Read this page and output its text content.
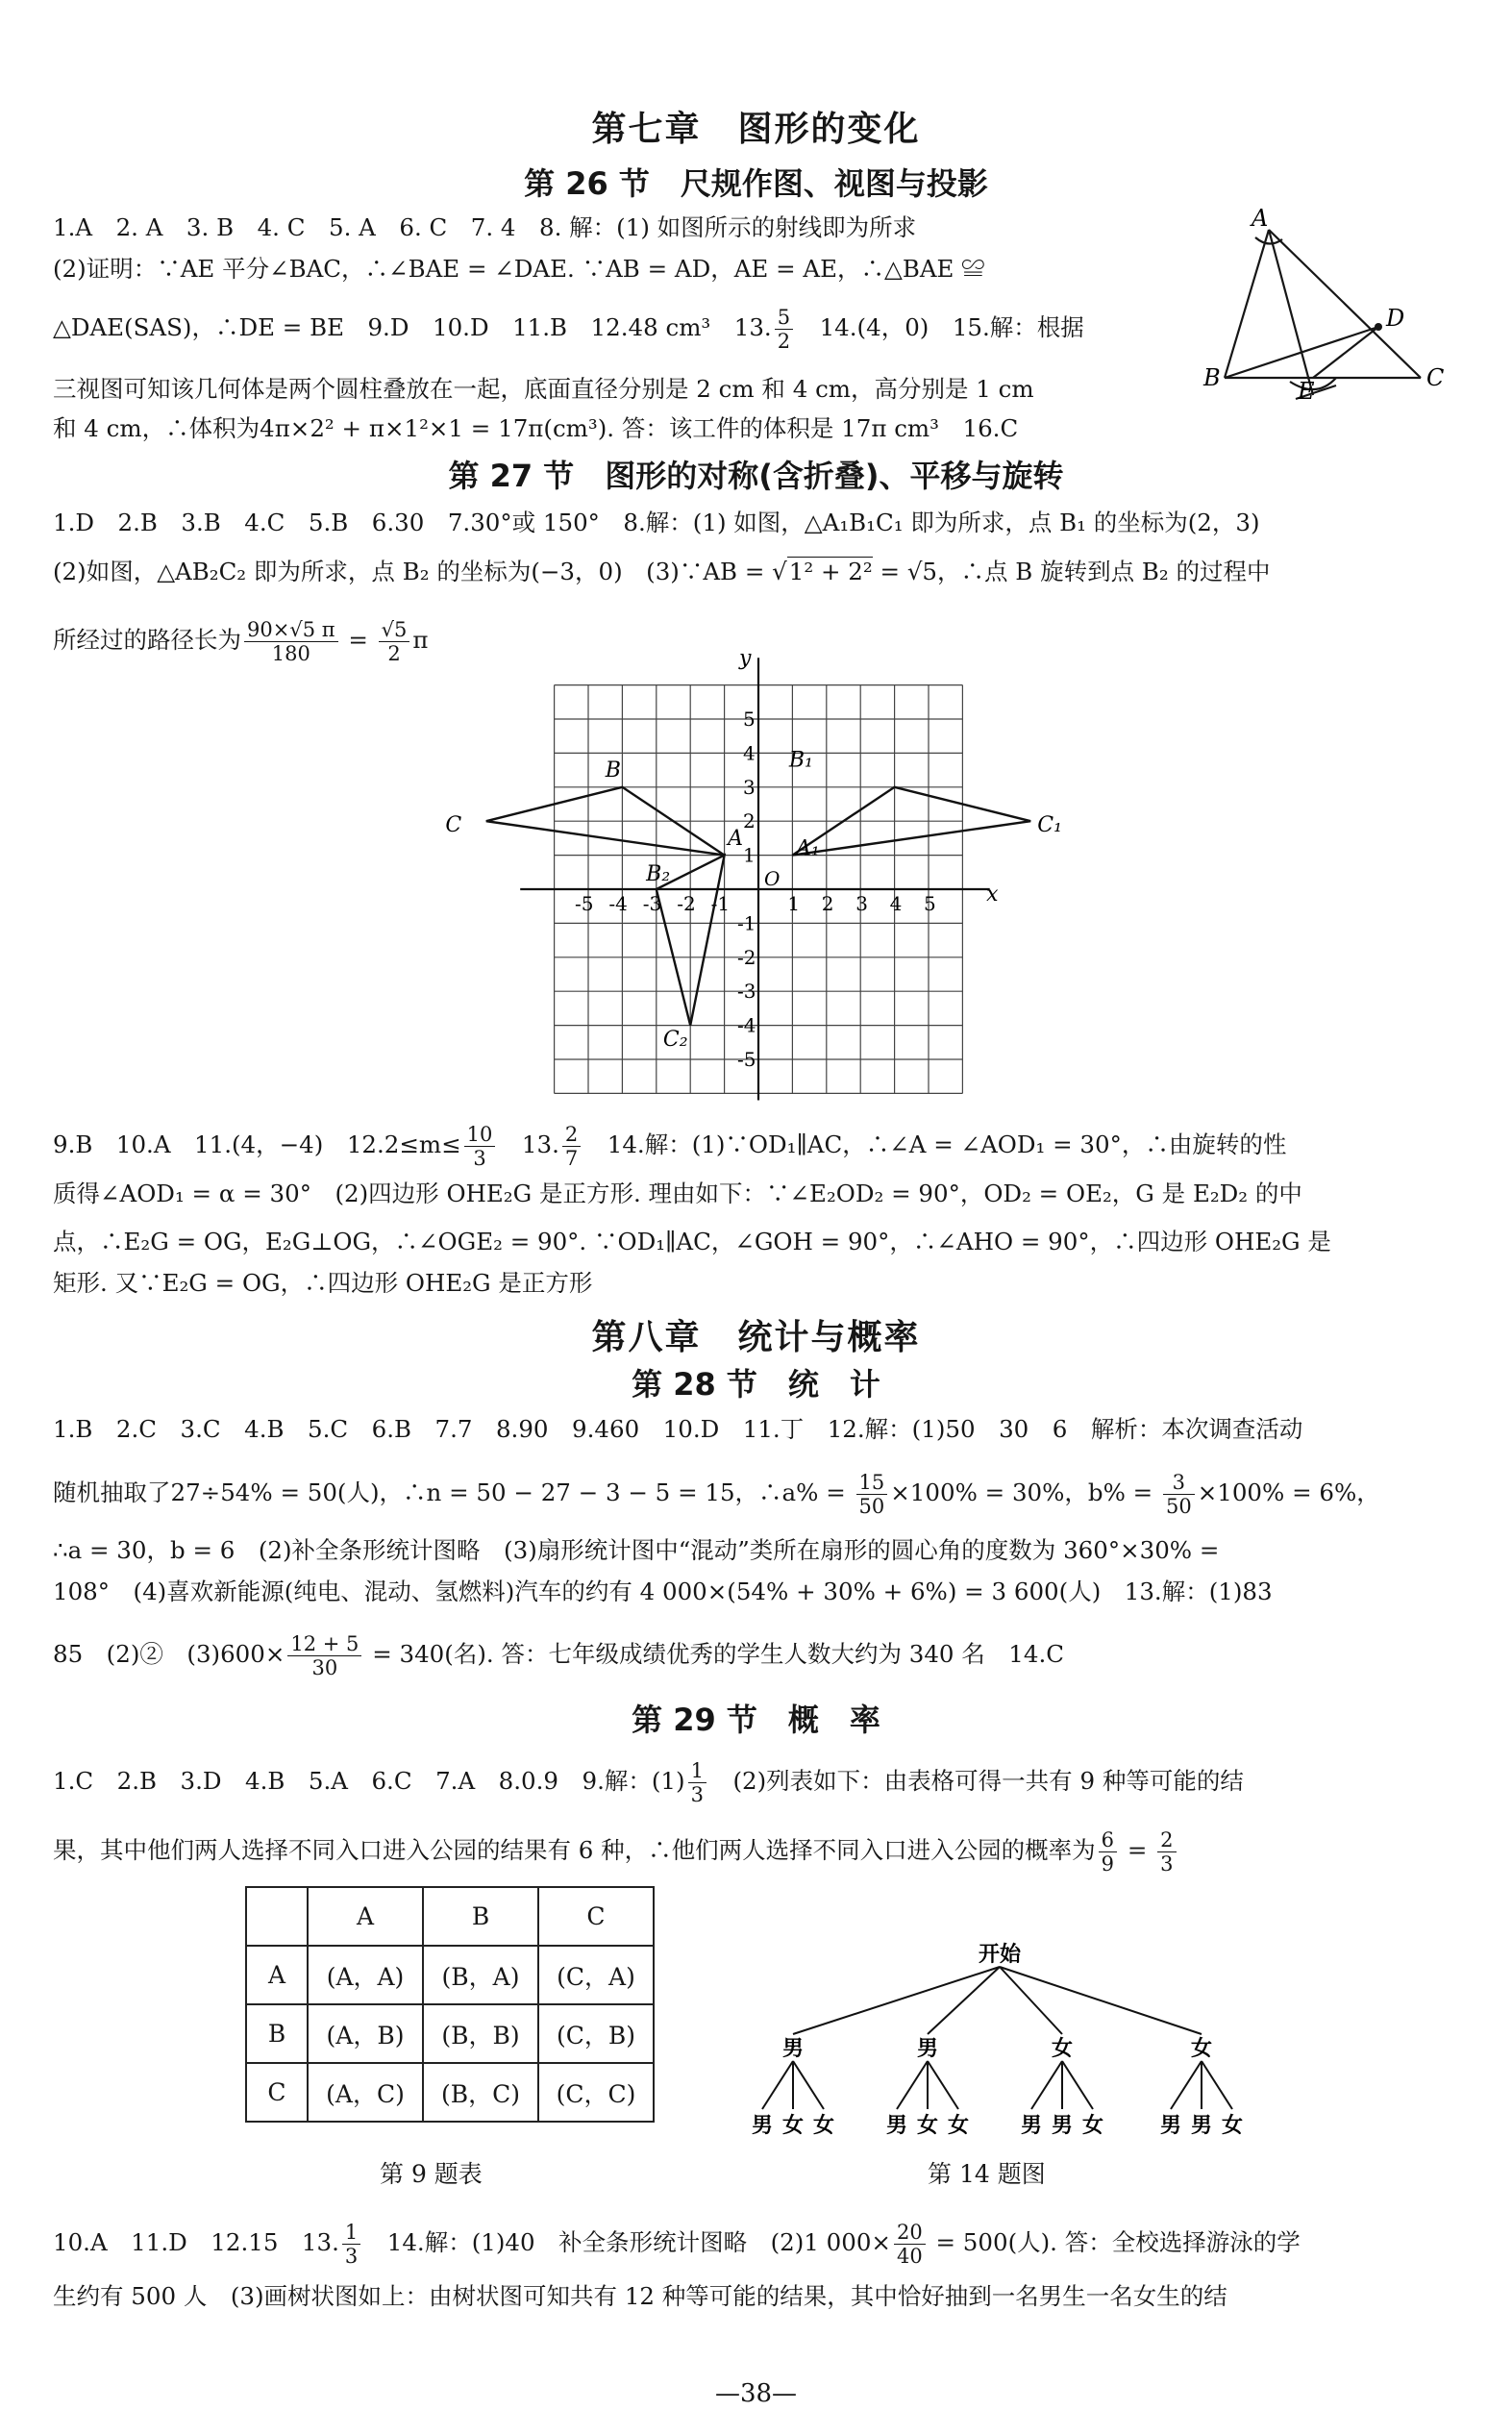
第七章　图形的变化
第 26 节　尺规作图、视图与投影
1.A　2. A　3. B　4. C　5. A　6. C　7. 4　8. 解：(1) 如图所示的射线即为所求
(2)证明：∵AE 平分∠BAC，∴∠BAE = ∠DAE. ∵AB = AD，AE = AE，∴△BAE ≌
△DAE(SAS)，∴DE = BE　9.D　10.D　11.B　12.48 cm³　13. $\frac{5}{2}$ 　14.(4，0)　15.解：根据
三视图可知该几何体是两个圆柱叠放在一起，底面直径分别是 2 cm 和 4 cm，高分别是 1 cm
和 4 cm，∴体积为4π×2² + π×1²×1 = 17π(cm³). 答：该工件的体积是 17π cm³　16.C
A
B	C
D
E
第 27 节　图形的对称(含折叠)、平移与旋转
1.D　2.B　3.B　4.C　5.B　6.30　7.30°或 150°　8.解：(1) 如图，△A₁B₁C₁ 即为所求，点 B₁ 的坐标为(2，3)
(2)如图，△AB₂C₂ 即为所求，点 B₂ 的坐标为(−3，0)　(3)∵AB = √1² + 2² = √5，∴点 B 旋转到点 B₂ 的过程中
所经过的路径长为 $\frac{90\times√5 \pi}{180} = \frac{√5}{2}$ π
x
y
O
-5 -4 -3 -2 -1	1 2 3 4 5
5
4
3
2
1
-1
-2
-3
-4
-5
A
B
C
A₁
B₁
C₁
B₂
C₂
9.B　10.A　11.(4，−4)　$12.2\le m\le \frac{10}{3}$ 　13. $\frac{2}{7}$ 　14.解：(1)∵OD₁∥AC，∴∠A = ∠AOD₁ = 30°，∴由旋转的性
质得∠AOD₁ = α = 30°　(2)四边形 OHE₂G 是正方形. 理由如下：∵∠E₂OD₂ = 90°，OD₂ = OE₂，G 是 E₂D₂ 的中
点，∴E₂G = OG，E₂G⊥OG，∴∠OGE₂ = 90°. ∵OD₁∥AC，∠GOH = 90°，∴∠AHO = 90°，∴四边形 OHE₂G 是
矩形. 又∵E₂G = OG，∴四边形 OHE₂G 是正方形
第八章　统计与概率
第 28 节　统　计
1.B　2.C　3.C　4.B　5.C　6.B　7.7　8.90　9.460　10.D　11.丁　12.解：(1)50　30　6　解析：本次调查活动
随机抽取了27÷54% = 50(人)，∴n = 50 − 27 − 3 − 5 = 15，∴a% = $\frac{15}{50} \times 100\% = 30\%$，$b\% = \frac{3}{50} \times 100\% = 6\%$，
∴a = 30，b = 6　(2)补全条形统计图略　(3)扇形统计图中“混动”类所在扇形的圆心角的度数为 360°×30% =
108°　(4)喜欢新能源(纯电、混动、氢燃料)汽车的约有 4 000×(54% + 30% + 6%) = 3 600(人)　13.解：(1)83
85　(2)②　$(3)600\times \frac{12 + 5}{30} = 340$(名). 答：七年级成绩优秀的学生人数大约为 340 名　14.C
第 29 节　概　率
1.C　2.B　3.D　4.B　5.A　6.C　7.A　8.0.9　9.解：$(1) \frac{1}{3}$ 　(2)列表如下：由表格可得一共有 9 种等可能的结
果，其中他们两人选择不同入口进入公园的结果有 6 种，∴他们两人选择不同入口进入公园的概率为 $\frac{6}{9} = \frac{2}{3}$
	A	B	C
A	(A，A)	(B，A)	(C，A)
B	(A，B)	(B，B)	(C，B)
C	(A，C)	(B，C)	(C，C)
第 9 题表
开始
男
男 女 女
男
男 女 女
女
男 男 女
女
男 男 女
第 14 题图
10.A　11.D　12.15　13. $\frac{1}{3}$ 　14.解：(1)40　补全条形统计图略　(2)1 $000\times \frac{20}{40} = 500$(人). 答：全校选择游泳的学
生约有 500 人　(3)画树状图如上：由树状图可知共有 12 种等可能的结果，其中恰好抽到一名男生一名女生的结
—38—
